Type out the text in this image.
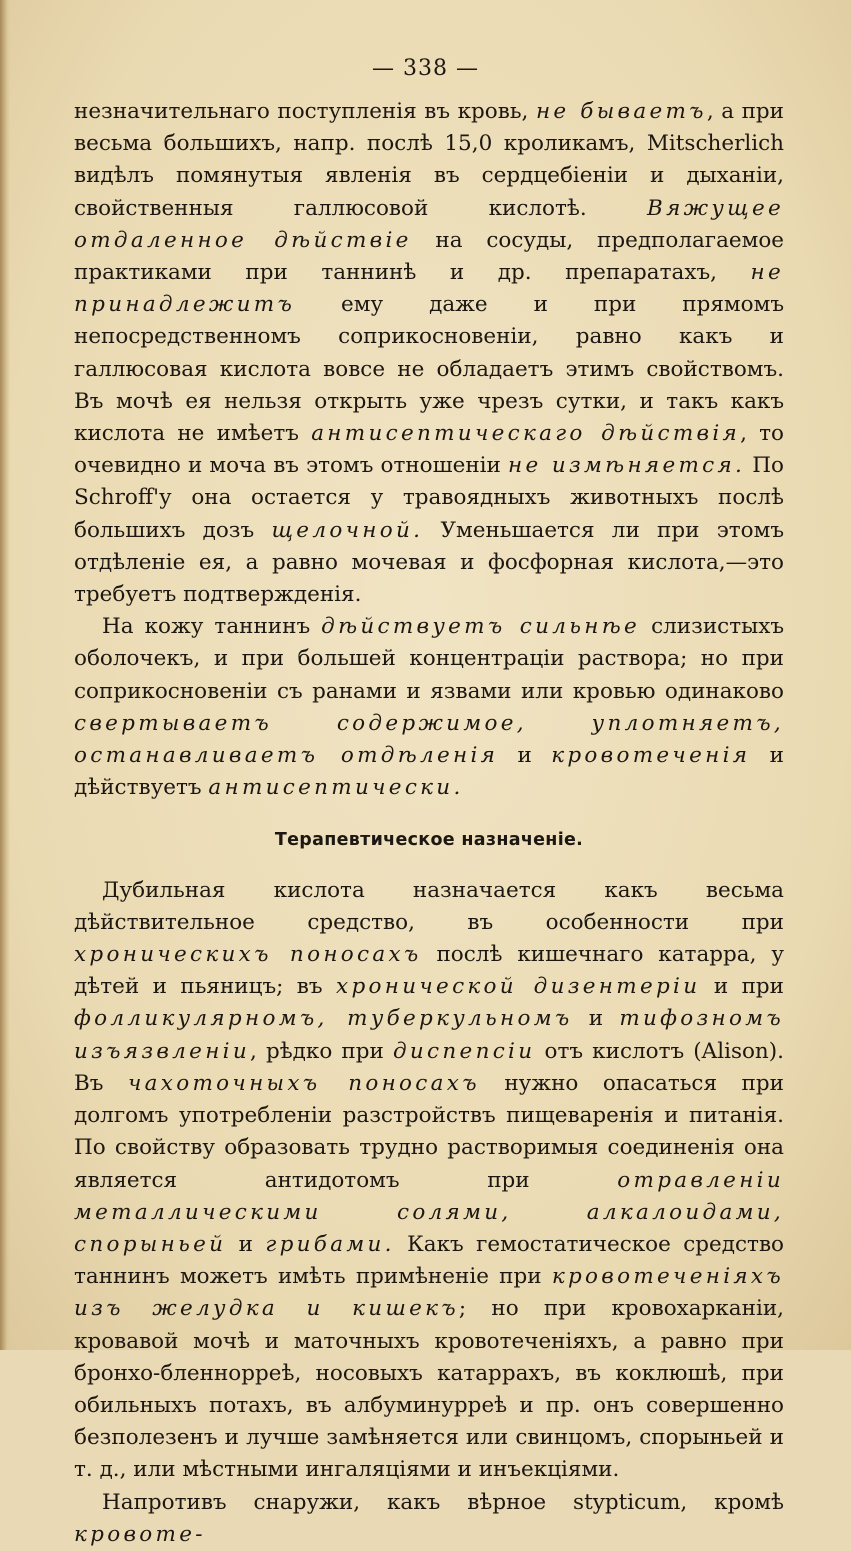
— 338 —

незначительнаго поступленія въ кровь, не бываетъ, а при весьма большихъ, напр. послѣ 15,0 кроликамъ, Mitscherlich видѣлъ помянутыя явленія въ сердцебіеніи и дыханіи, свойственныя галлюсовой кислотѣ. Вяжущее отдаленное дѣйствіе на сосуды, предполагаемое практиками при таннинѣ и др. препаратахъ, не принадлежитъ ему даже и при прямомъ непосредственномъ соприкосновеніи, равно какъ и галлюсовая кислота вовсе не обладаетъ этимъ свойствомъ. Въ мочѣ ея нельзя открыть уже чрезъ сутки, и такъ какъ кислота не имѣетъ антисептическаго дѣйствія, то очевидно и моча въ этомъ отношеніи не измѣняется. По Schroff'у она остается у травоядныхъ животныхъ послѣ большихъ дозъ щелочной. Уменьшается ли при этомъ отдѣленіе ея, а равно мочевая и фосфорная кислота,—это требуетъ подтвержденія.

На кожу таннинъ дѣйствуетъ сильнѣе слизистыхъ оболочекъ, и при большей концентраціи раствора; но при соприкосновеніи съ ранами и язвами или кровью одинаково свертываетъ содержимое, уплотняетъ, останавливаетъ отдѣленія и кровотеченія и дѣйствуетъ антисептически.

Терапевтическое назначеніе.

Дубильная кислота назначается какъ весьма дѣйствительное средство, въ особенности при хроническихъ поносахъ послѣ кишечнаго катарра, у дѣтей и пьяницъ; въ хронической дизентеріи и при фолликулярномъ, туберкульномъ и тифозномъ изъязвленіи, рѣдко при диспепсіи отъ кислотъ (Alison). Въ чахоточныхъ поносахъ нужно опасаться при долгомъ употребленіи разстройствъ пищеваренія и питанія. По свойству образовать трудно растворимыя соединенія она является антидотомъ при отравленіи металлическими солями, алкалоидами, спорыньей и грибами. Какъ гемостатическое средство таннинъ можетъ имѣть примѣненіе при кровотеченіяхъ изъ желудка и кишекъ; но при кровохарканіи, кровавой мочѣ и маточныхъ кровотеченіяхъ, а равно при бронхо-бленнорреѣ, носовыхъ катаррахъ, въ коклюшѣ, при обильныхъ потахъ, въ албуминурреѣ и пр. онъ совершенно безполезенъ и лучше замѣняется или свинцомъ, спорыньей и т. д., или мѣстными ингаляціями и инъекціями.

Напротивъ снаружи, какъ вѣрное stypticum, кромѣ кровоте-
